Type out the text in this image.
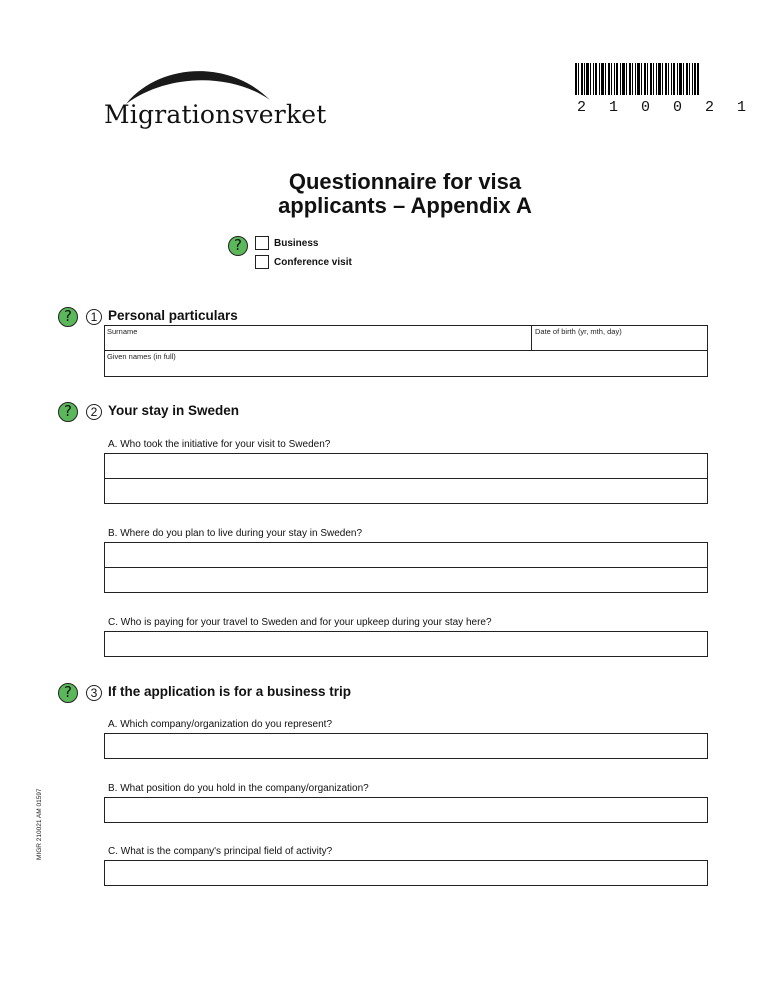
Migrationsverket	2 1 0 0 2 1
Questionnaire for visa
applicants – Appendix A
?	Business
Conference visit
?	1 Personal particulars
Surname	Date of birth (yr, mth, day)
Given names (in full)
?	2 Your stay in Sweden
A. Who took the initiative for your visit to Sweden?
B. Where do you plan to live during your stay in Sweden?
C. Who is paying for your travel to Sweden and for your upkeep during your stay here?
?	3 If the application is for a business trip
A. Which company/organization do you represent?
B. What position do you hold in the company/organization?
C. What is the company's principal field of activity?
MIGR 210021 AM 01597
